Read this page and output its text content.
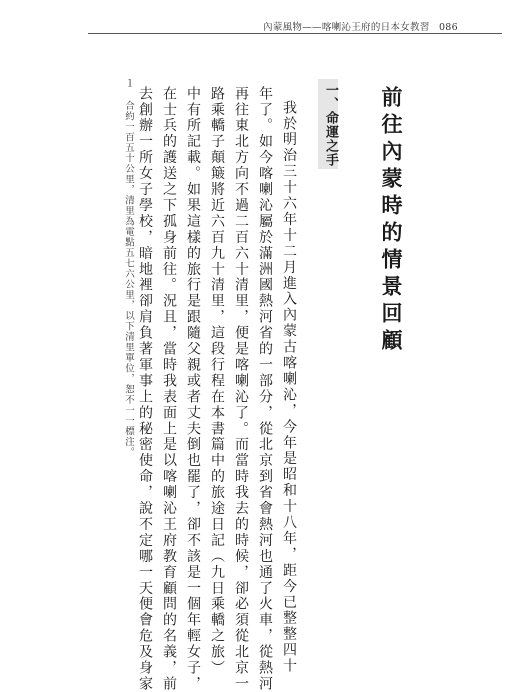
內蒙風物——喀喇沁王府的日本女教習 086
前往內蒙時的情景回顧
一、命運之手
我於明治三十六年十二月進入內蒙古喀喇沁，今年是昭和十八年，距今已整整四十
年了。如今喀喇沁屬於滿洲國熱河省的一部分，從北京到省會熱河也通了火車，從熱河
再往東北方向不過二百六十清里，便是喀喇沁了。而當時我去的時候，卻必須從北京一
路乘轎子顛簸將近六百九十清里，這段行程在本書篇中的旅途日記（九日乘轎之旅）
中有所記載。如果這樣的旅行是跟隨父親或者丈夫倒也罷了，卻不該是一個年輕女子，
在士兵的護送之下孤身前往。況且，當時我表面上是以喀喇沁王府教育顧問的名義，前
去創辦一所女子學校，暗地裡卻肩負著軍事上的秘密使命，說不定哪一天便會危及身家
１ 合約一百五十公里，清里為電點五七六公里，以下清里單位，恕不一一標注。
